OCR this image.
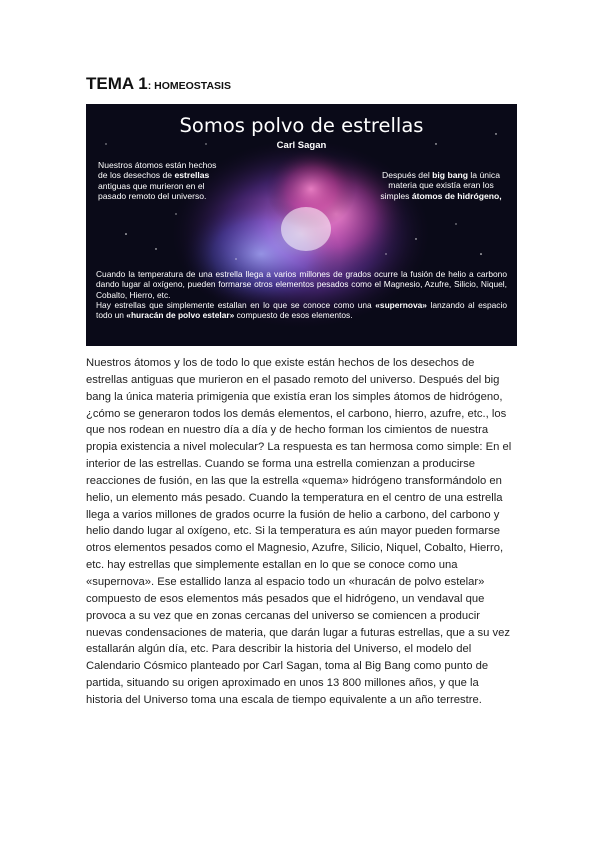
TEMA 1: HOMEOSTASIS
Somos polvo de estrellas
Carl Sagan
Nuestros átomos están hechos de los desechos de estrellas antiguas que murieron en el pasado remoto del universo.
Después del big bang la única materia que existía eran los simples átomos de hidrógeno,

Cuando la temperatura de una estrella llega a varios millones de grados ocurre la fusión de helio a carbono dando lugar al oxígeno, pueden formarse otros elementos pesados como el Magnesio, Azufre, Silicio, Niquel, Cobalto, Hierro, etc.

Hay estrellas que simplemente estallan en lo que se conoce como una «supernova» lanzando al espacio todo un «huracán de polvo estelar» compuesto de esos elementos.

Nuestros átomos y los de todo lo que existe están hechos de los desechos de estrellas antiguas que murieron en el pasado remoto del universo. Después del big bang la única materia primigenia que existía eran los simples átomos de hidrógeno, ¿cómo se generaron todos los demás elementos, el carbono, hierro, azufre, etc., los que nos rodean en nuestro día a día y de hecho forman los cimientos de nuestra propia existencia a nivel molecular? La respuesta es tan hermosa como simple: En el interior de las estrellas. Cuando se forma una estrella comienzan a producirse reacciones de fusión, en las que la estrella «quema» hidrógeno transformándolo en helio, un elemento más pesado. Cuando la temperatura en el centro de una estrella llega a varios millones de grados ocurre la fusión de helio a carbono, del carbono y helio dando lugar al oxígeno, etc. Si la temperatura es aún mayor pueden formarse otros elementos pesados como el Magnesio, Azufre, Silicio, Niquel, Cobalto, Hierro, etc. hay estrellas que simplemente estallan en lo que se conoce como una «supernova». Ese estallido lanza al espacio todo un «huracán de polvo estelar» compuesto de esos elementos más pesados que el hidrógeno, un vendaval que provoca a su vez que en zonas cercanas del universo se comiencen a producir nuevas condensaciones de materia, que darán lugar a futuras estrellas, que a su vez estallarán algún día, etc. Para describir la historia del Universo, el modelo del Calendario Cósmico planteado por Carl Sagan, toma al Big Bang como punto de partida, situando su origen aproximado en unos 13 800 millones años, y que la historia del Universo toma una escala de tiempo equivalente a un año terrestre.
